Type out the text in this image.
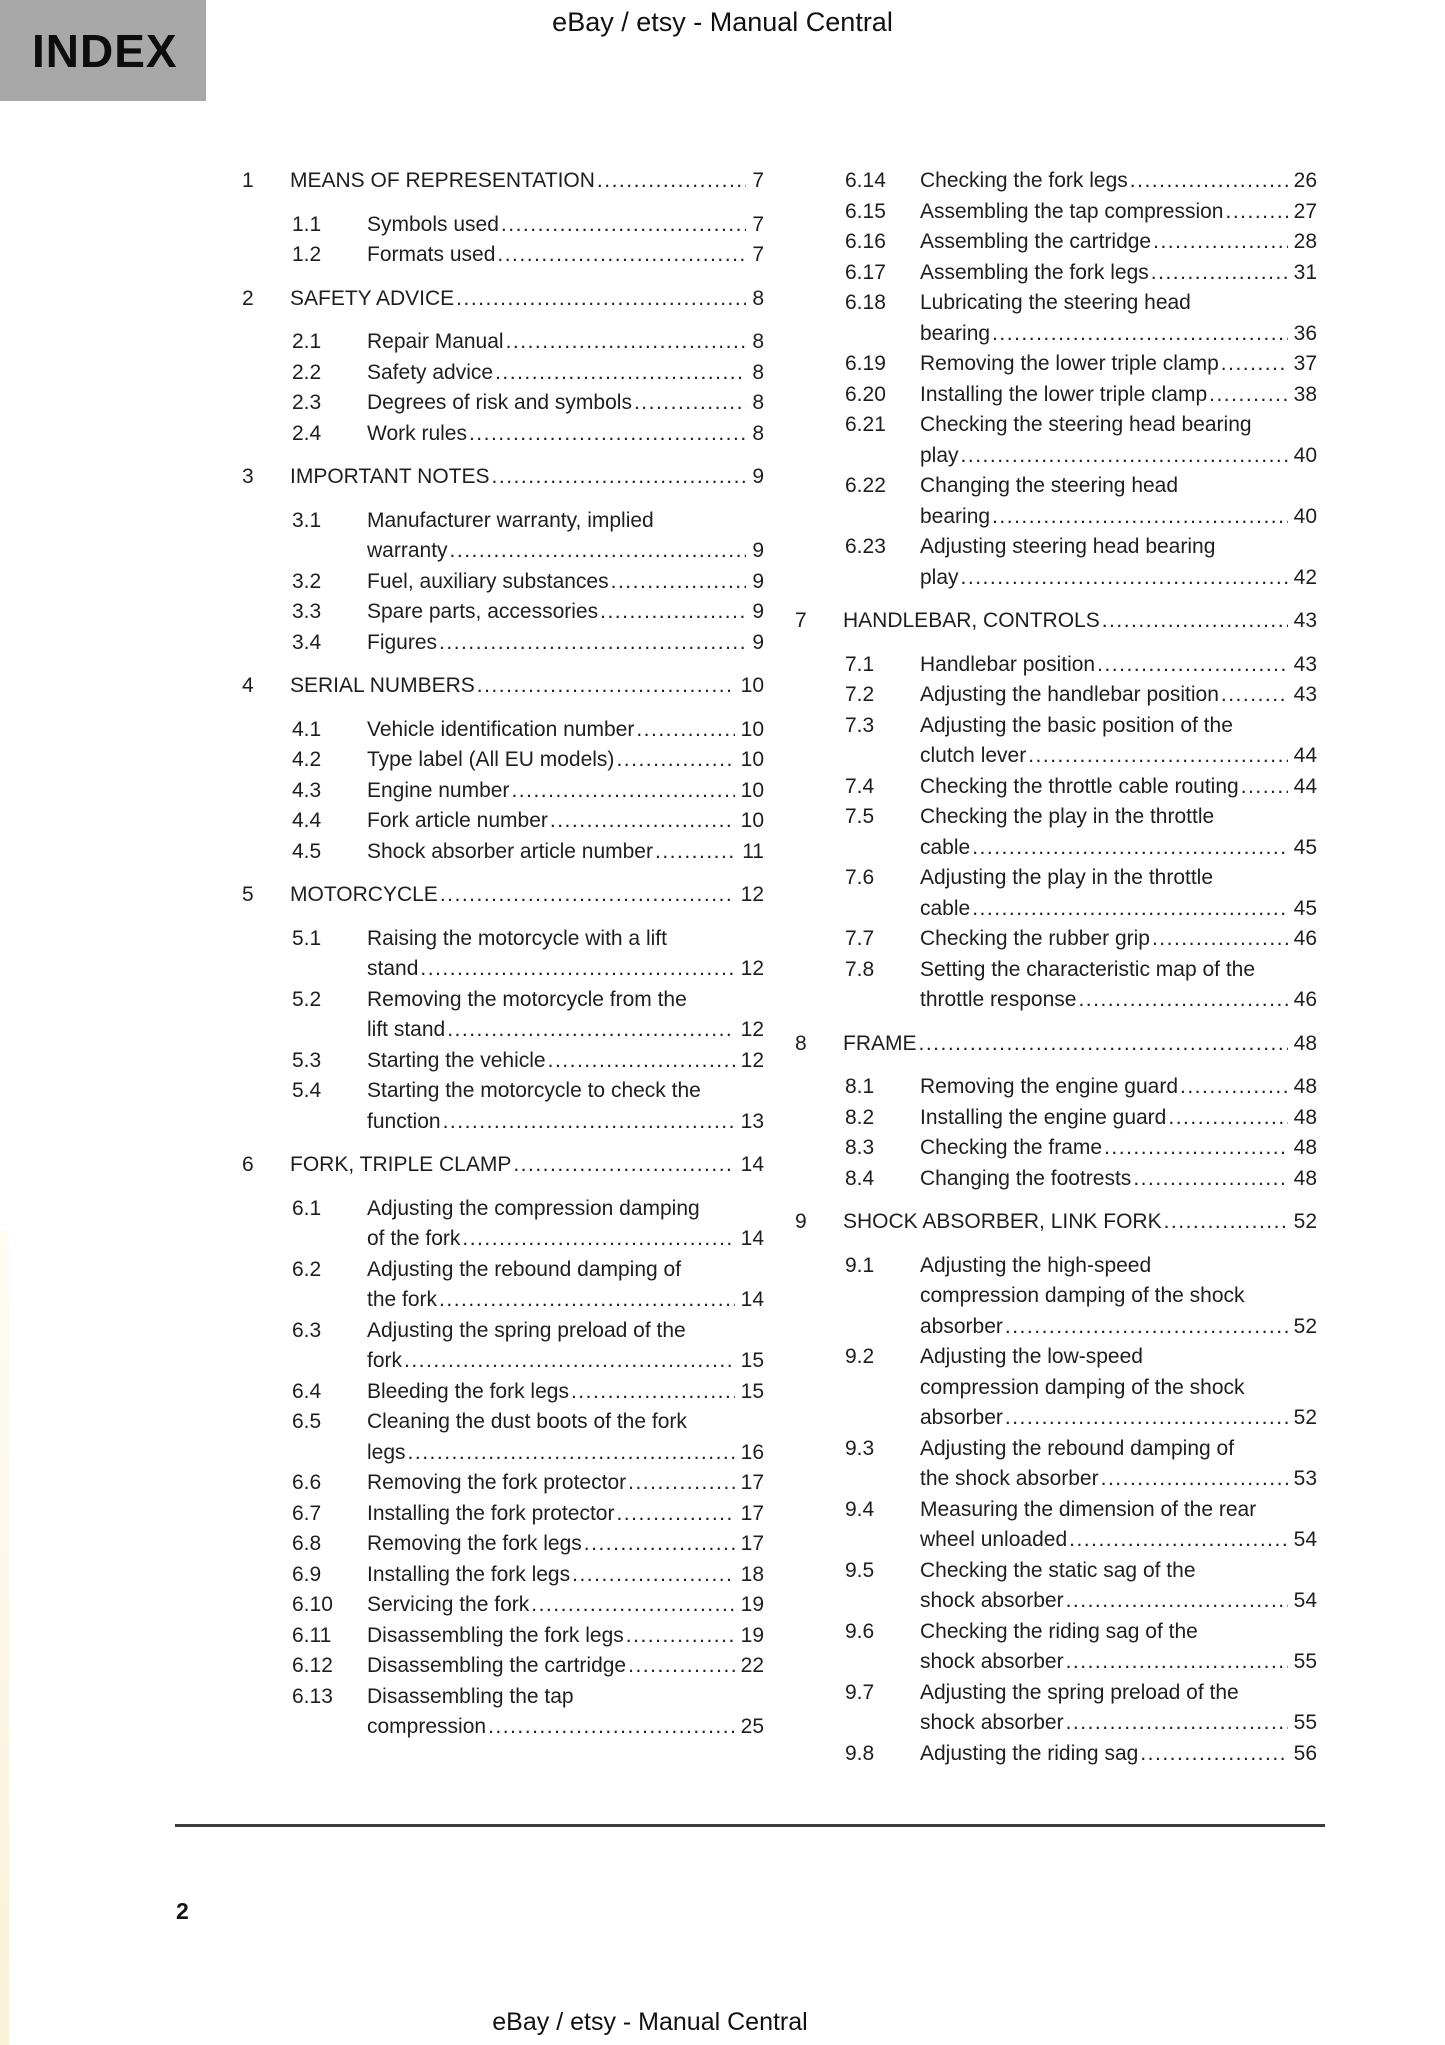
INDEX
eBay / etsy - Manual Central
1	MEANS OF REPRESENTATION .....	7
1.1	Symbols used .....	7
1.2	Formats used .....	7
2	SAFETY ADVICE .....	8
2.1	Repair Manual .....	8
2.2	Safety advice .....	8
2.3	Degrees of risk and symbols .....	8
2.4	Work rules .....	8
3	IMPORTANT NOTES .....	9
3.1	Manufacturer warranty, implied
warranty .....	9
3.2	Fuel, auxiliary substances .....	9
3.3	Spare parts, accessories .....	9
3.4	Figures .....	9
4	SERIAL NUMBERS .....	10
4.1	Vehicle identification number .....	10
4.2	Type label (All EU models) .....	10
4.3	Engine number .....	10
4.4	Fork article number .....	10
4.5	Shock absorber article number .....	11
5	MOTORCYCLE .....	12
5.1	Raising the motorcycle with a lift
stand .....	12
5.2	Removing the motorcycle from the
lift stand .....	12
5.3	Starting the vehicle .....	12
5.4	Starting the motorcycle to check the
function .....	13
6	FORK, TRIPLE CLAMP .....	14
6.1	Adjusting the compression damping
of the fork .....	14
6.2	Adjusting the rebound damping of
the fork .....	14
6.3	Adjusting the spring preload of the
fork .....	15
6.4	Bleeding the fork legs .....	15
6.5	Cleaning the dust boots of the fork
legs .....	16
6.6	Removing the fork protector .....	17
6.7	Installing the fork protector .....	17
6.8	Removing the fork legs .....	17
6.9	Installing the fork legs .....	18
6.10	Servicing the fork .....	19
6.11	Disassembling the fork legs .....	19
6.12	Disassembling the cartridge .....	22
6.13	Disassembling the tap
compression .....	25
6.14	Checking the fork legs .....	26
6.15	Assembling the tap compression .....	27
6.16	Assembling the cartridge .....	28
6.17	Assembling the fork legs .....	31
6.18	Lubricating the steering head
bearing .....	36
6.19	Removing the lower triple clamp .....	37
6.20	Installing the lower triple clamp .....	38
6.21	Checking the steering head bearing
play .....	40
6.22	Changing the steering head
bearing .....	40
6.23	Adjusting steering head bearing
play .....	42
7	HANDLEBAR, CONTROLS .....	43
7.1	Handlebar position .....	43
7.2	Adjusting the handlebar position .....	43
7.3	Adjusting the basic position of the
clutch lever .....	44
7.4	Checking the throttle cable routing .....	44
7.5	Checking the play in the throttle
cable .....	45
7.6	Adjusting the play in the throttle
cable .....	45
7.7	Checking the rubber grip .....	46
7.8	Setting the characteristic map of the
throttle response .....	46
8	FRAME .....	48
8.1	Removing the engine guard .....	48
8.2	Installing the engine guard .....	48
8.3	Checking the frame .....	48
8.4	Changing the footrests .....	48
9	SHOCK ABSORBER, LINK FORK .....	52
9.1	Adjusting the high-speed
compression damping of the shock
absorber .....	52
9.2	Adjusting the low-speed
compression damping of the shock
absorber .....	52
9.3	Adjusting the rebound damping of
the shock absorber .....	53
9.4	Measuring the dimension of the rear
wheel unloaded .....	54
9.5	Checking the static sag of the
shock absorber .....	54
9.6	Checking the riding sag of the
shock absorber .....	55
9.7	Adjusting the spring preload of the
shock absorber .....	55
9.8	Adjusting the riding sag .....	56
2
eBay / etsy - Manual Central
